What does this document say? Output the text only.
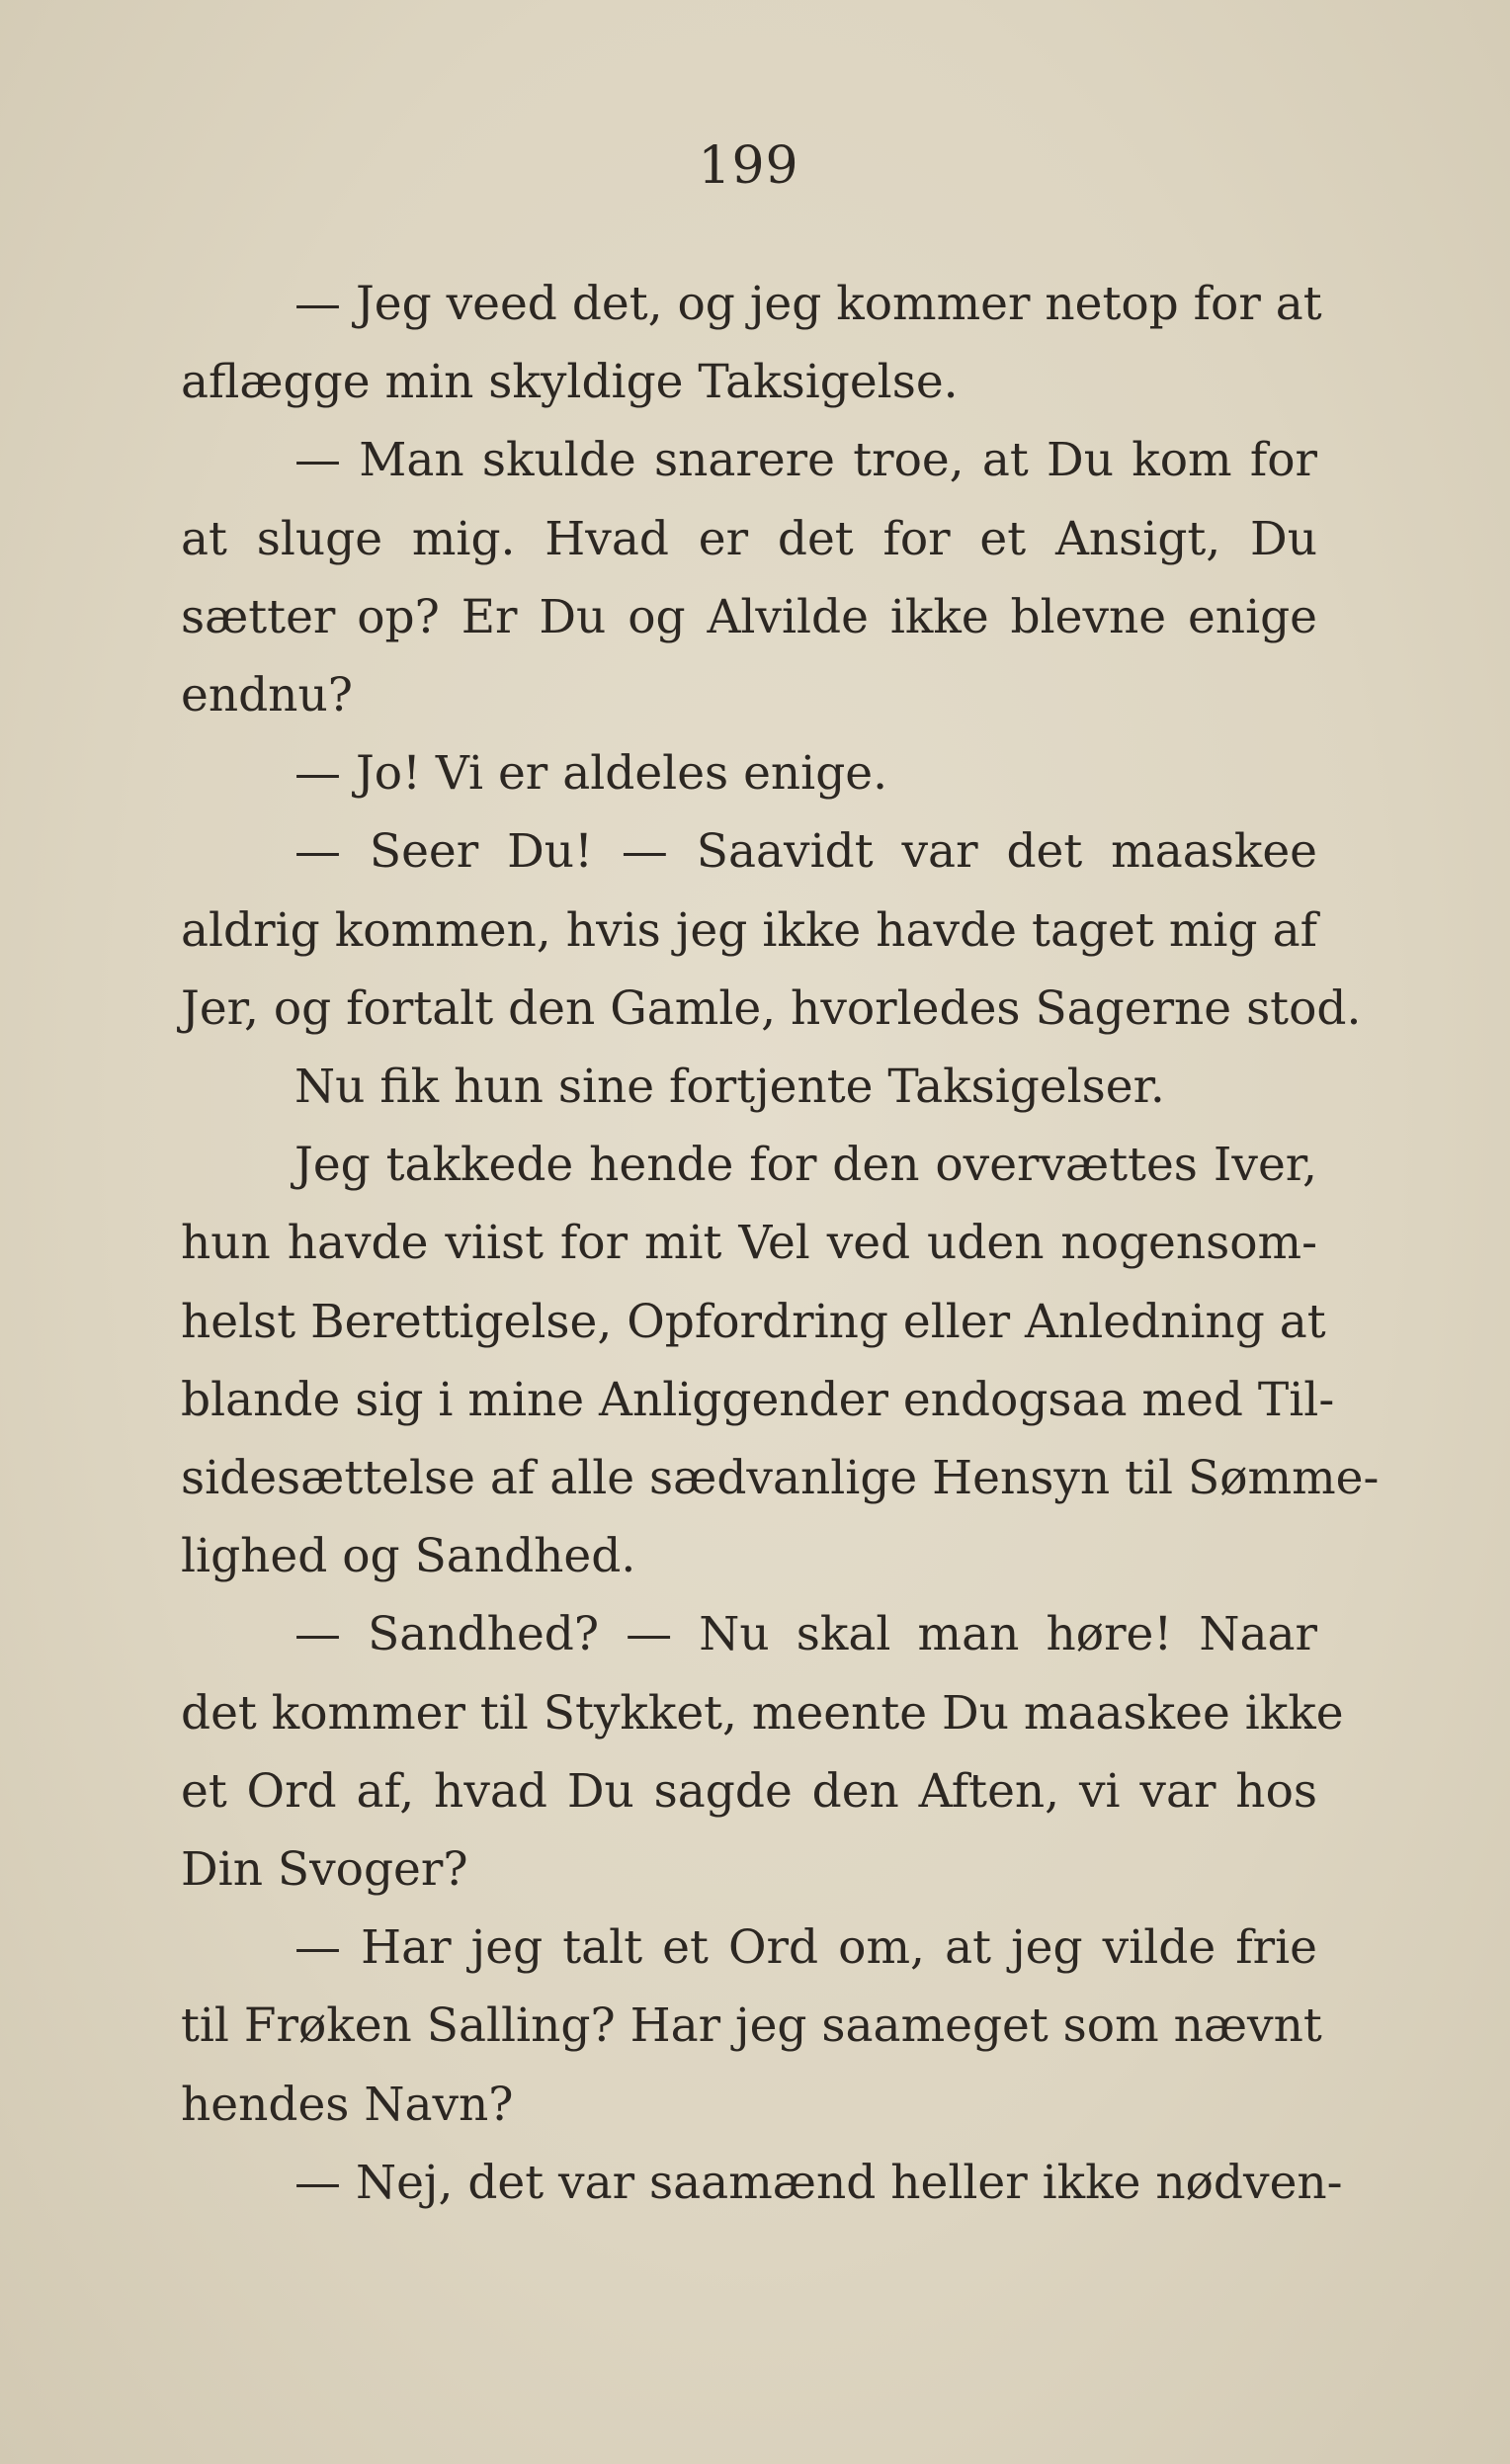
199
— Jeg veed det, og jeg kommer netop for at
aflægge min skyldige Taksigelse.
— Man skulde snarere troe, at Du kom for
at sluge mig. Hvad er det for et Ansigt, Du
sætter op? Er Du og Alvilde ikke blevne enige
endnu?
— Jo! Vi er aldeles enige.
— Seer Du! — Saavidt var det maaskee
aldrig kommen, hvis jeg ikke havde taget mig af
Jer, og fortalt den Gamle, hvorledes Sagerne stod.
Nu fik hun sine fortjente Taksigelser.
Jeg takkede hende for den overvættes Iver,
hun havde viist for mit Vel ved uden nogensom-
helst Berettigelse, Opfordring eller Anledning at
blande sig i mine Anliggender endogsaa med Til-
sidesættelse af alle sædvanlige Hensyn til Sømme-
lighed og Sandhed.
— Sandhed? — Nu skal man høre! Naar
det kommer til Stykket, meente Du maaskee ikke
et Ord af, hvad Du sagde den Aften, vi var hos
Din Svoger?
— Har jeg talt et Ord om, at jeg vilde frie
til Frøken Salling? Har jeg saameget som nævnt
hendes Navn?
— Nej, det var saamænd heller ikke nødven-
